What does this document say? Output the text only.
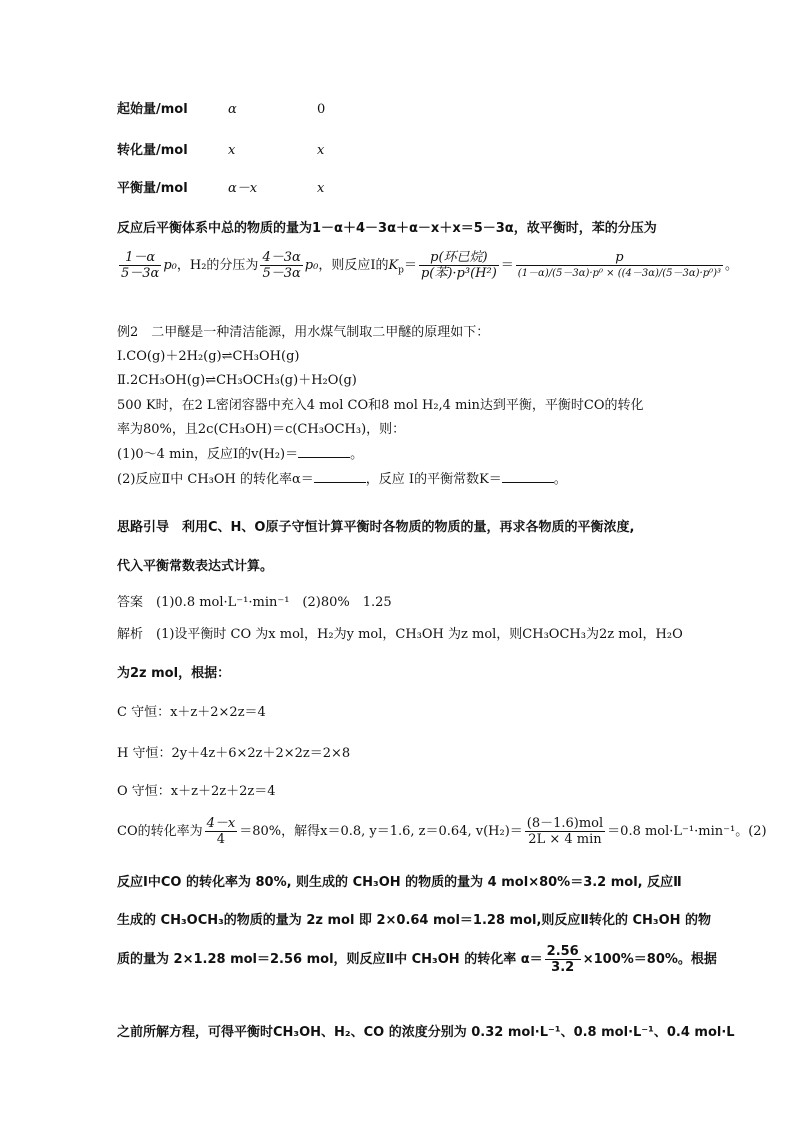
起始量/mol	α	0
转化量/mol	x	x
平衡量/mol	α－x	x
反应后平衡体系中总的物质的量为1－α＋4－3α＋α－x＋x＝5－3α，故平衡时，苯的分压为
$\frac{1-\alpha}{5-3\alpha} p_0$，H₂的分压为 $\frac{4-3\alpha}{5-3\alpha} p_0$，则反应Ⅰ的$K_p= \frac{\text{p(环已烷)}}{\text{p(苯)·p³(H²)}} = \frac{p}{\text{(1－α)/(5－3α)·p⁰ × ((4－3α)/(5－3α)·p⁰)³}}$ 。
例2　二甲醚是一种清洁能源，用水煤气制取二甲醚的原理如下：
Ⅰ.CO(g)＋2H₂(g)⇌CH₃OH(g)
Ⅱ.2CH₃OH(g)⇌CH₃OCH₃(g)＋H₂O(g)
500 K时，在2 L密闭容器中充入4 mol CO和8 mol H₂,4 min达到平衡，平衡时CO的转化
率为80%，且2c(CH₃OH)＝c(CH₃OCH₃)，则：
(1)0～4 min，反应Ⅰ的v(H₂)＝	。
(2)反应Ⅱ中 CH₃OH 的转化率α＝	，反应 Ⅰ的平衡常数K＝	。
思路引导　利用C、H、O原子守恒计算平衡时各物质的物质的量，再求各物质的平衡浓度,
代入平衡常数表达式计算。
答案　(1)0.8 mol·L⁻¹·min⁻¹　(2)80%　1.25
解析　(1)设平衡时 CO 为x mol，H₂为y mol，CH₃OH 为z mol，则CH₃OCH₃为2z mol，H₂O
为2z mol，根据：
C 守恒：x＋z＋2×2z＝4
H 守恒：2y＋4z＋6×2z＋2×2z＝2×8
O 守恒：x＋z＋2z＋2z＝4
CO的转化率为 $\frac{4-x}{4} =80\%$，解得x＝0.8, y＝1.6, z＝0.64, $v(H_2)= \frac{\text{(8－1.6)mol}}{2L \times 4 \min} =0.8$ mol·L⁻¹·min⁻¹。(2)
反应Ⅰ中CO 的转化率为 80%, 则生成的 CH₃OH 的物质的量为 4 mol×80%＝3.2 mol, 反应Ⅱ
生成的 CH₃OCH₃的物质的量为 2z mol 即 2×0.64 mol＝1.28 mol,则反应Ⅱ转化的 CH₃OH 的物
质的量为 2×1.28 mol＝2.56 mol，则反应Ⅱ中 CH₃OH 的转化率 $\alpha= \frac{2.56}{3.2} \times 100\%=80\%$。根据
之前所解方程，可得平衡时CH₃OH、H₂、CO 的浓度分别为 0.32 mol·L⁻¹、0.8 mol·L⁻¹、0.4 mol·L
